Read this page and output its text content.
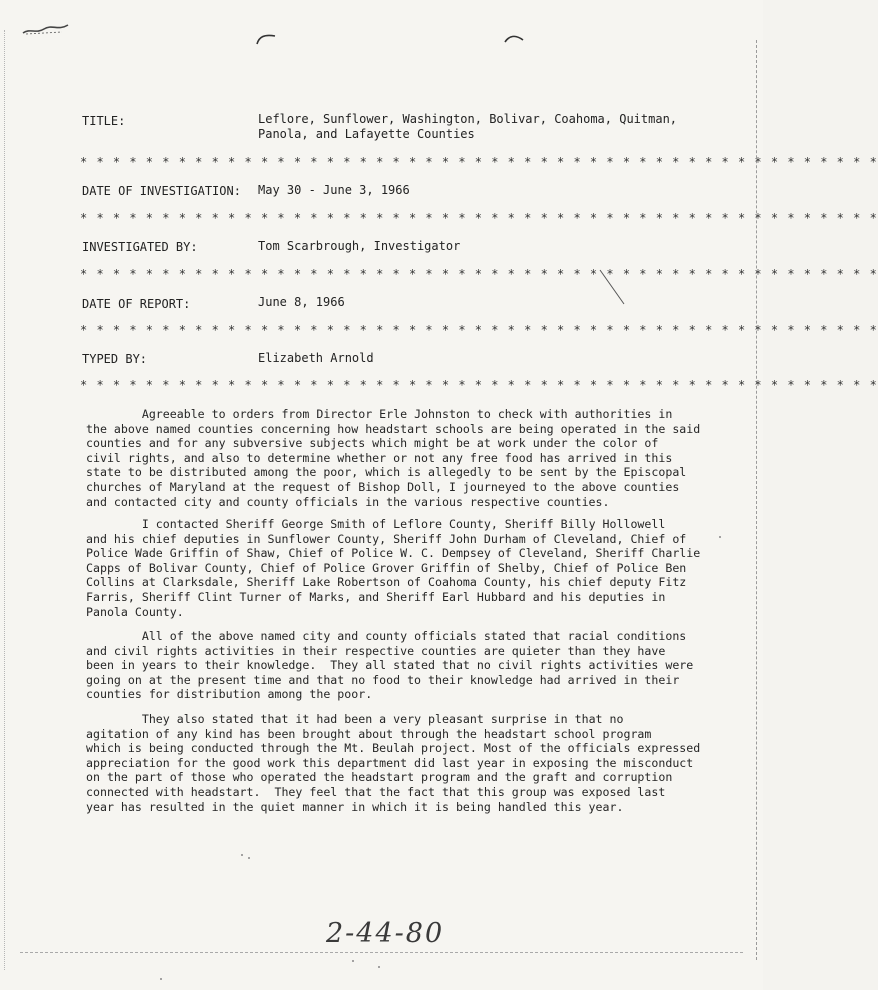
TITLE:	Leflore, Sunflower, Washington, Bolivar, Coahoma, Quitman,
Panola, and Lafayette Counties
* * * * * * * * * * * * * * * * * * * * * * * * * * * * * * * * * * * * * * * * * * * * * * * * *
DATE OF INVESTIGATION: May 30 - June 3, 1966
* * * * * * * * * * * * * * * * * * * * * * * * * * * * * * * * * * * * * * * * * * * * * * * * *
INVESTIGATED BY:	Tom Scarbrough, Investigator
* * * * * * * * * * * * * * * * * * * * * * * * * * * * * * * * * * * * * * * * * * * * * * * * *
DATE OF REPORT:	June 8, 1966
* * * * * * * * * * * * * * * * * * * * * * * * * * * * * * * * * * * * * * * * * * * * * * * * *
TYPED BY:	Elizabeth Arnold
* * * * * * * * * * * * * * * * * * * * * * * * * * * * * * * * * * * * * * * * * * * * * * * * *

Agreeable to orders from Director Erle Johnston to check with authorities in
the above named counties concerning how headstart schools are being operated in the said
counties and for any subversive subjects which might be at work under the color of
civil rights, and also to determine whether or not any free food has arrived in this
state to be distributed among the poor, which is allegedly to be sent by the Episcopal
churches of Maryland at the request of Bishop Doll, I journeyed to the above counties
and contacted city and county officials in the various respective counties.

I contacted Sheriff George Smith of Leflore County, Sheriff Billy Hollowell
and his chief deputies in Sunflower County, Sheriff John Durham of Cleveland, Chief of
Police Wade Griffin of Shaw, Chief of Police W. C. Dempsey of Cleveland, Sheriff Charlie
Capps of Bolivar County, Chief of Police Grover Griffin of Shelby, Chief of Police Ben
Collins at Clarksdale, Sheriff Lake Robertson of Coahoma County, his chief deputy Fitz
Farris, Sheriff Clint Turner of Marks, and Sheriff Earl Hubbard and his deputies in
Panola County.

All of the above named city and county officials stated that racial conditions
and civil rights activities in their respective counties are quieter than they have
been in years to their knowledge.  They all stated that no civil rights activities were
going on at the present time and that no food to their knowledge had arrived in their
counties for distribution among the poor.

They also stated that it had been a very pleasant surprise in that no
agitation of any kind has been brought about through the headstart school program
which is being conducted through the Mt. Beulah project. Most of the officials expressed
appreciation for the good work this department did last year in exposing the misconduct
on the part of those who operated the headstart program and the graft and corruption
connected with headstart.  They feel that the fact that this group was exposed last
year has resulted in the quiet manner in which it is being handled this year.

2-44-80
